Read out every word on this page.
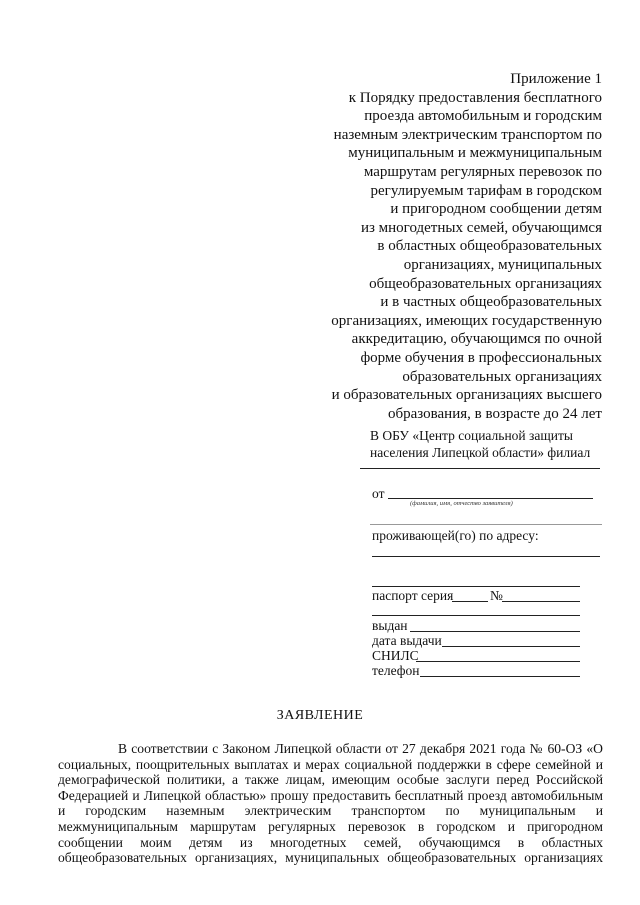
Приложение 1
к Порядку предоставления бесплатного
проезда автомобильным и городским
наземным электрическим транспортом по
муниципальным и межмуниципальным
маршрутам регулярных перевозок по
регулируемым тарифам в городском
и пригородном сообщении детям
из многодетных семей, обучающимся
в областных общеобразовательных
организациях, муниципальных
общеобразовательных организациях
и в частных общеобразовательных
организациях, имеющих государственную
аккредитацию, обучающимся по очной
форме обучения в профессиональных
образовательных организациях
и образовательных организациях высшего
образования, в возрасте до 24 лет
В ОБУ «Центр социальной защиты
населения Липецкой области» филиал
от
(фамилия, имя, отчество заявителя)
проживающей(го) по адресу:
паспорт серия	№
выдан
дата выдачи
СНИЛС
телефон
ЗАЯВЛЕНИЕ
В соответствии с Законом Липецкой области от 27 декабря 2021 года № 60-ОЗ «О
социальных, поощрительных выплатах и мерах социальной поддержки в сфере семейной и
демографической политики, а также лицам, имеющим особые заслуги перед Российской
Федерацией и Липецкой областью» прошу предоставить бесплатный проезд автомобильным
и городским наземным электрическим транспортом по муниципальным и
межмуниципальным маршрутам регулярных перевозок в городском и пригородном
сообщении моим детям из многодетных семей, обучающимся в областных
общеобразовательных организациях, муниципальных общеобразовательных организациях
